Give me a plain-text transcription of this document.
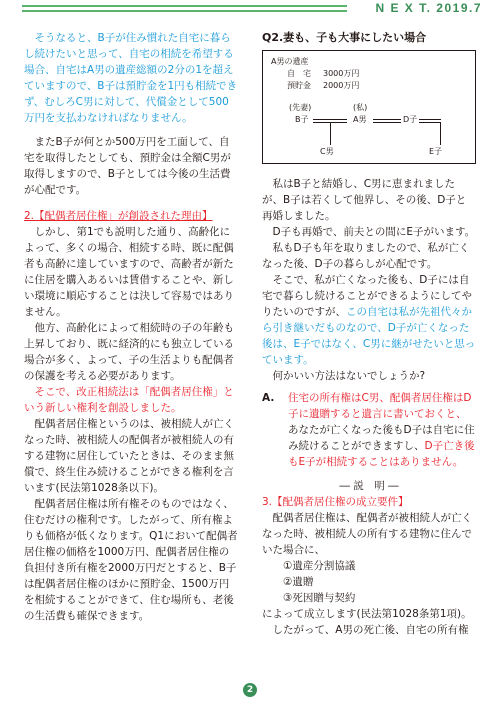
N E X T. 2019.7

そうなると、B子が住み慣れた自宅に暮らし続けたいと思って、自宅の相続を希望する場合、自宅はA男の遺産総額の2分の1を超えていますので、B子は預貯金を1円も相続できず、むしろC男に対して、代償金として500万円を支払わなければなりません。

またB子が何とか500万円を工面して、自宅を取得したとしても、預貯金は全額C男が取得しますので、B子としては今後の生活費が心配です。

2.【配偶者居住権」が創設された理由】

しかし、第1でも説明した通り、高齢化によって、多くの場合、相続する時、既に配偶者も高齢に達していますので、高齢者が新たに住居を購入あるいは賃借することや、新しい環境に順応することは決して容易ではありません。

他方、高齢化によって相続時の子の年齢も上昇しており、既に経済的にも独立している場合が多く、よって、子の生活よりも配偶者の保護を考える必要があります。

そこで、改正相続法は「配偶者居住権」という新しい権利を創設しました。

配偶者居住権というのは、被相続人が亡くなった時、被相続人の配偶者が被相続人の有する建物に居住していたときは、そのまま無償で、終生住み続けることができる権利を言います(民法第1028条以下)。

配偶者居住権は所有権そのものではなく、住むだけの権利です。したがって、所有権よりも価格が低くなります。Q1において配偶者居住権の価格を1000万円、配偶者居住権の負担付き所有権を2000万円だとすると、B子は配偶者居住権のほかに預貯金、1500万円を相続することができて、住む場所も、老後の生活費も確保できます。

Q2.妻も、子も大事にしたい場合

A男の遺産
自　宅 3000万円
預貯金 2000万円
(先妻)	(私)
B子	A男	D子
C男	E子

私はB子と結婚し、C男に恵まれましたが、B子は若くして他界し、その後、D子と再婚しました。

D子も再婚で、前夫との間にE子がいます。

私もD子も年を取りましたので、私が亡くなった後、D子の暮らしが心配です。

そこで、私が亡くなった後も、D子には自宅で暮らし続けることができるようにしてやりたいのですが、この自宅は私が先祖代々から引き継いだものなので、D子が亡くなった後は、E子ではなく、C男に継がせたいと思っています。

何かいい方法はないでしょうか?

A.	住宅の所有権はC男、配偶者居住権はD子に遺贈すると遺言に書いておくと、あなたが亡くなった後もD子は自宅に住み続けることができますし、D子亡き後もE子が相続することはありません。

― 説　明 ―

3.【配偶者居住権の成立要件】

配偶者居住権は、配偶者が被相続人が亡くなった時、被相続人の所有する建物に住んでいた場合に、

①遺産分割協議

②遺贈

③死因贈与契約

によって成立します(民法第1028条第1項)。

したがって、A男の死亡後、自宅の所有権

2
